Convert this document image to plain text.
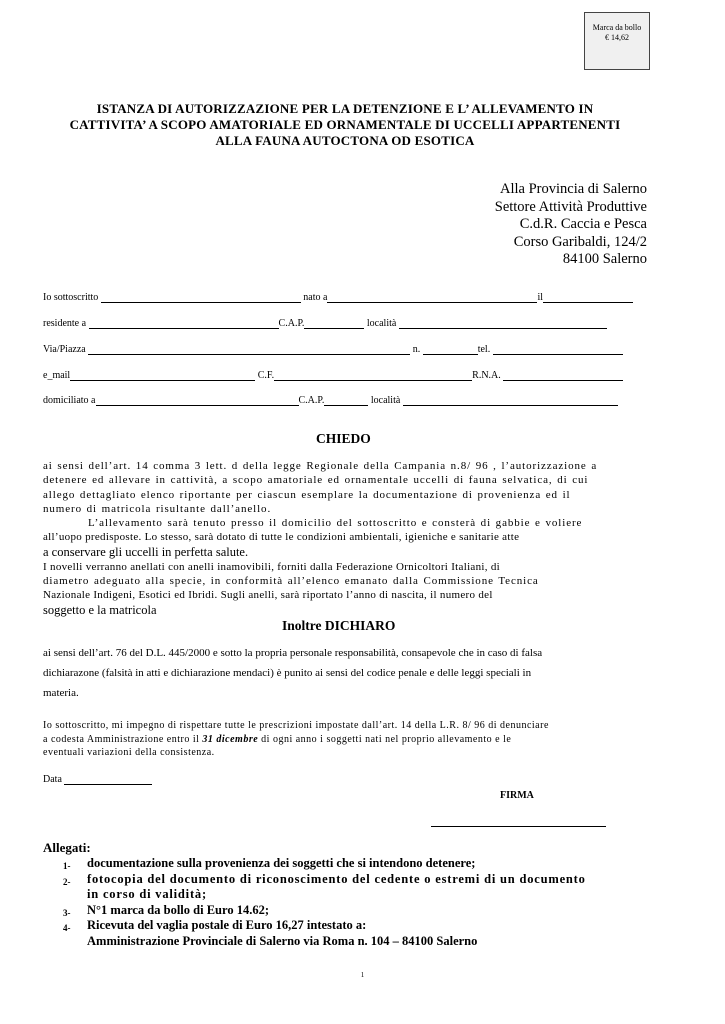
Marca da bollo
€ 14,62
ISTANZA DI AUTORIZZAZIONE PER LA DETENZIONE E L’ ALLEVAMENTO IN
CATTIVITA’ A SCOPO AMATORIALE ED ORNAMENTALE DI UCCELLI APPARTENENTI
ALLA FAUNA AUTOCTONA OD ESOTICA
Alla Provincia di Salerno
Settore Attività Produttive
C.d.R. Caccia e Pesca
Corso Garibaldi, 124/2
84100 Salerno
Io sottoscritto	nato a	il
residente a	C.A.P.	località
Via/Piazza	n.	tel.
e_mail	C.F.	R.N.A.
domiciliato a	C.A.P.	località
CHIEDO
ai sensi dell’art. 14 comma 3 lett. d della legge Regionale della Campania n.8/ 96 , l’autorizzazione a
detenere ed allevare in cattività, a scopo amatoriale ed ornamentale uccelli di fauna selvatica, di cui
allego dettagliato elenco riportante per ciascun esemplare la documentazione di provenienza ed il
numero di matricola risultante dall’anello.
L’allevamento sarà tenuto presso il domicilio del sottoscritto e consterà di gabbie e voliere
all’uopo predisposte. Lo stesso, sarà dotato di tutte le condizioni ambientali, igieniche e sanitarie atte
a conservare gli uccelli in perfetta salute.
I novelli verranno anellati con anelli inamovibili, forniti dalla Federazione Ornicoltori Italiani, di
diametro adeguato alla specie, in conformità all’elenco emanato dalla Commissione Tecnica
Nazionale Indigeni, Esotici ed Ibridi. Sugli anelli, sarà riportato l’anno di nascita, il numero del
soggetto e la matricola
Inoltre DICHIARO
ai sensi dell’art. 76 del D.L. 445/2000 e sotto la propria personale responsabilità, consapevole che in caso di falsa
dichiarazone (falsità in atti e dichiarazione mendaci) è punito ai sensi del codice penale e delle leggi speciali in
materia.
Io sottoscritto, mi impegno di rispettare tutte le prescrizioni impostate dall’art. 14 della L.R. 8/ 96 di denunciare
a codesta Amministrazione entro il 31 dicembre di ogni anno i soggetti nati nel proprio allevamento e le
eventuali variazioni della consistenza.
Data
FIRMA
Allegati:
1- documentazione sulla provenienza dei soggetti che si intendono detenere;
2- fotocopia del documento di riconoscimento del cedente o estremi di un documento
in corso di validità;
3- N°1 marca da bollo di Euro 14.62;
4- Ricevuta del vaglia postale di Euro 16,27 intestato a:
Amministrazione Provinciale di Salerno via Roma n. 104 – 84100 Salerno
1
